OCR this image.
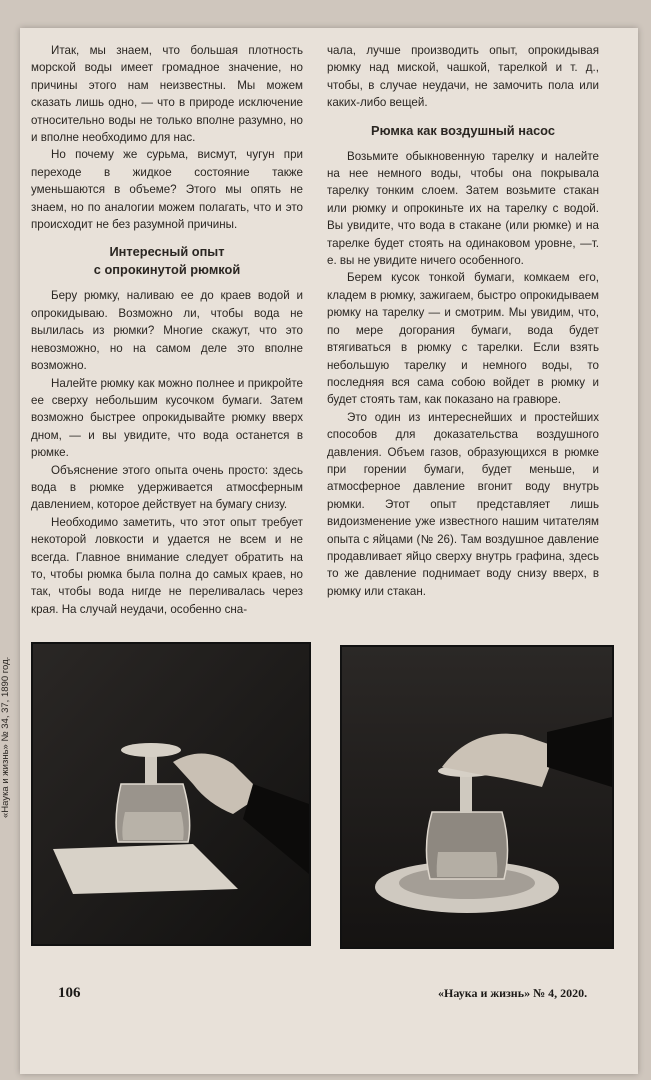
Итак, мы знаем, что большая плотность морской воды имеет громадное значение, но причины этого нам неизвестны. Мы можем сказать лишь одно, — что в природе исключение относительно воды не только вполне разумно, но и вполне необходимо для нас.

Но почему же сурьма, висмут, чугун при переходе в жидкое состояние также уменьшаются в объеме? Этого мы опять не знаем, но по аналогии можем полагать, что и это происходит не без разумной причины.

Интересный опыт
с опрокинутой рюмкой

Беру рюмку, наливаю ее до краев водой и опрокидываю. Возможно ли, чтобы вода не вылилась из рюмки? Многие скажут, что это невозможно, но на самом деле это вполне возможно.

Налейте рюмку как можно полнее и прикройте ее сверху небольшим кусочком бумаги. Затем возможно быстрее опрокидывайте рюмку вверх дном, — и вы увидите, что вода останется в рюмке.

Объяснение этого опыта очень просто: здесь вода в рюмке удерживается атмосферным давлением, которое действует на бумагу снизу.

Необходимо заметить, что этот опыт требует некоторой ловкости и удается не всем и не всегда. Главное внимание следует обратить на то, чтобы рюмка была полна до самых краев, но так, чтобы вода нигде не переливалась через края. На случай неудачи, особенно сна-

чала, лучше производить опыт, опрокидывая рюмку над миской, чашкой, тарелкой и т. д., чтобы, в случае неудачи, не замочить пола или каких-либо вещей.

Рюмка как воздушный насос

Возьмите обыкновенную тарелку и налейте на нее немного воды, чтобы она покрывала тарелку тонким слоем. Затем возьмите стакан или рюмку и опрокиньте их на тарелку с водой. Вы увидите, что вода в стакане (или рюмке) и на тарелке будет стоять на одинаковом уровне, —т. е. вы не увидите ничего особенного.

Берем кусок тонкой бумаги, комкаем его, кладем в рюмку, зажигаем, быстро опрокидываем рюмку на тарелку — и смотрим. Мы увидим, что, по мере догорания бумаги, вода будет втягиваться в рюмку с тарелки. Если взять небольшую тарелку и немного воды, то последняя вся сама собою войдет в рюмку и будет стоять там, как показано на гравюре.

Это один из интереснейших и простейших способов для доказательства воздушного давления. Объем газов, образующихся в рюмке при горении бумаги, будет меньше, и атмосферное давление вгонит воду внутрь рюмки. Этот опыт представляет лишь видоизменение уже известного нашим читателям опыта с яйцами (№ 26). Там воздушное давление продавливает яйцо сверху внутрь графина, здесь то же давление поднимает воду снизу вверх, в рюмку или стакан.

«Наука и жизнь» № 34, 37, 1890 год.
106	«Наука и жизнь» № 4, 2020.
